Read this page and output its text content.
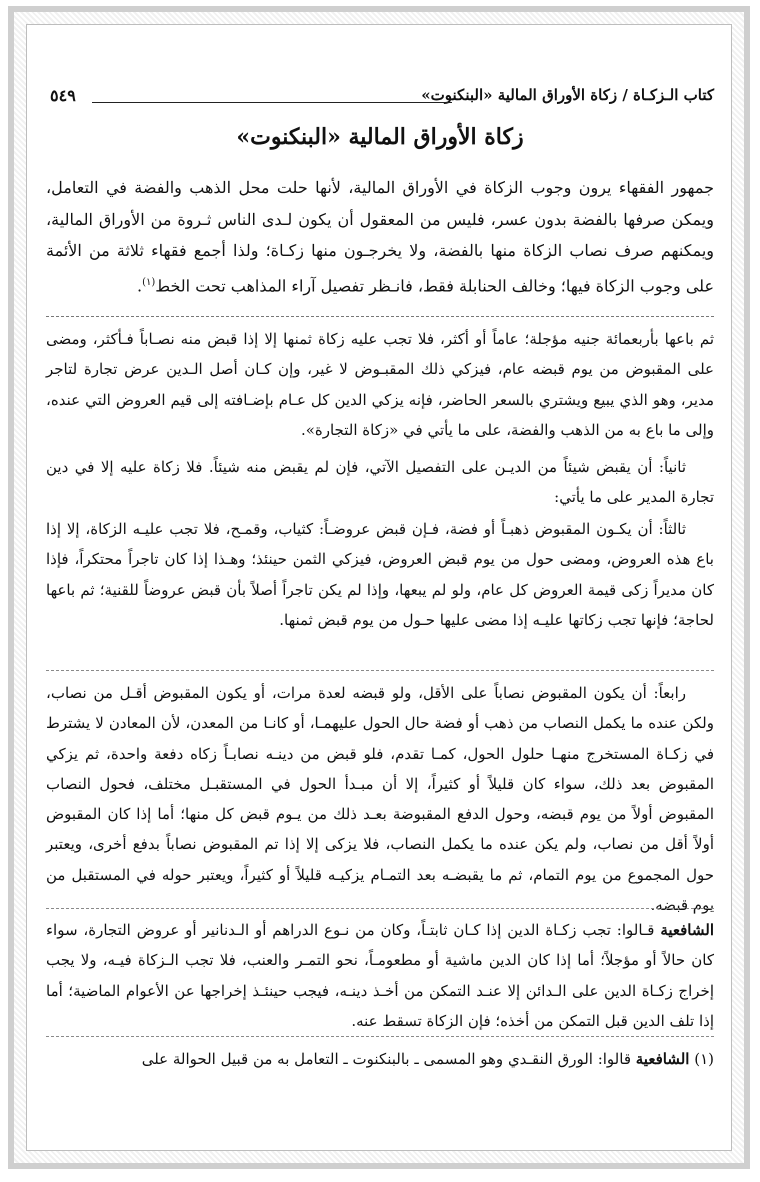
كتاب الـزكـاة / زكاة الأوراق المالية «البنكنوت»
٥٤٩
زكاة الأوراق المالية «البنكنوت»

جمهور الفقهاء يرون وجوب الزكاة في الأوراق المالية، لأنها حلت محل الذهب والفضة في التعامل، ويمكن صرفها بالفضة بدون عسر، فليس من المعقول أن يكون لـدى الناس ثـروة من الأوراق المالية، ويمكنهم صرف نصاب الزكاة منها بالفضة، ولا يخرجـون منها زكـاة؛ ولذا أجمع فقهاء ثلاثة من الأئمة على وجوب الزكاة فيها؛ وخالف الحنابلة فقط، فانـظر تفصيل آراء المذاهب تحت الخط$^{(١)}$.

ثم باعها بأربعمائة جنيه مؤجلة؛ عاماً أو أكثر، فلا تجب عليه زكاة ثمنها إلا إذا قبض منه نصـاباً فـأكثر، ومضى على المقبوض من يوم قبضه عام، فيزكي ذلك المقبـوض لا غير، وإن كـان أصل الـدين عرض تجارة لتاجر مدير، وهو الذي يبيع ويشتري بالسعر الحاضر، فإنه يزكي الدين كل عـام بإضـافته إلى قيم العروض التي عنده، وإلى ما باع به من الذهب والفضة، على ما يأتي في «زكاة التجارة».

ثانياً: أن يقبض شيئاً من الديـن على التفصيل الآتي، فإن لم يقبض منه شيئاً. فلا زكاة عليه إلا في دين تجارة المدير على ما يأتي:

ثالثاً: أن يكـون المقبوض ذهبـاً أو فضة، فـإن قبض عروضـاً: كثياب، وقمـح، فلا تجب عليـه الزكاة، إلا إذا باع هذه العروض، ومضى حول من يوم قبض العروض، فيزكي الثمن حينئذ؛ وهـذا إذا كان تاجراً محتكراً، فإذا كان مديراً زكى قيمة العروض كل عام، ولو لم يبعها، وإذا لم يكن تاجراً أصلاً بأن قبض عروضاً للقنية؛ ثم باعها لحاجة؛ فإنها تجب زكاتها عليـه إذا مضى عليها حـول من يوم قبض ثمنها.

رابعاً: أن يكون المقبوض نصاباً على الأقل، ولو قبضه لعدة مرات، أو يكون المقبوض أقـل من نصاب، ولكن عنده ما يكمل النصاب من ذهب أو فضة حال الحول عليهمـا، أو كانـا من المعدن، لأن المعادن لا يشترط في زكـاة المستخرج منهـا حلول الحول، كمـا تقدم، فلو قبض من دينـه نصابـاً زكاه دفعة واحدة، ثم يزكي المقبوض بعد ذلك، سواء كان قليلاً أو كثيراً، إلا أن مبـدأ الحول في المستقبـل مختلف، فحول النصاب المقبوض أولاً من يوم قبضه، وحول الدفع المقبوضة بعـد ذلك من يـوم قبض كل منها؛ أما إذا كان المقبوض أولاً أقل من نصاب، ولم يكن عنده ما يكمل النصاب، فلا يزكى إلا إذا تم المقبوض نصاباً بدفع أخرى، ويعتبر حول المجموع من يوم التمام، ثم ما يقبضـه بعد التمـام يزكيـه قليلاً أو كثيراً، ويعتبر حوله في المستقبل من يوم قبضه.

الشافعية قـالوا: تجب زكـاة الدين إذا كـان ثابتـاً، وكان من نـوع الدراهم أو الـدنانير أو عروض التجارة، سواء كان حالاً أو مؤجلاً؛ أما إذا كان الدين ماشية أو مطعومـاً، نحو التمـر والعنب، فلا تجب الـزكاة فيـه، ولا يجب إخراج زكـاة الدين على الـدائن إلا عنـد التمكن من أخـذ دينـه، فيجب حينئـذ إخراجها عن الأعوام الماضية؛ أما إذا تلف الدين قبل التمكن من أخذه؛ فإن الزكاة تسقط عنه.

(١) الشافعية قالوا: الورق النقـدي وهو المسمى ـ بالبنكنوت ـ التعامل به من قبيل الحوالة على
